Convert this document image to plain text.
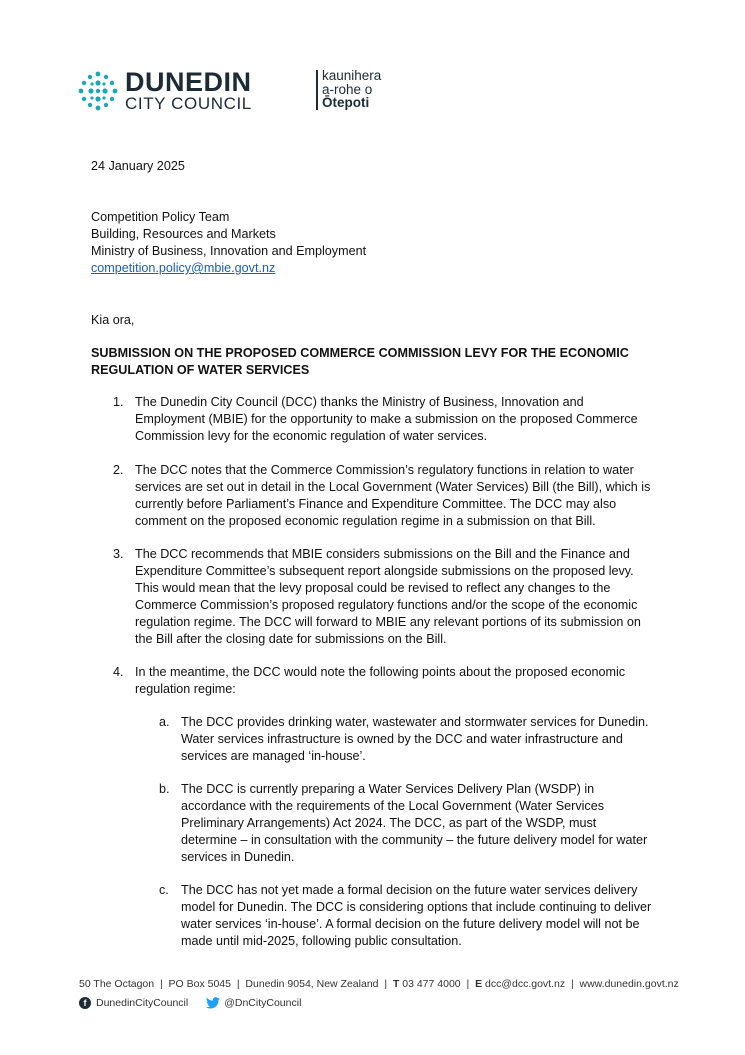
DUNEDIN
CITY COUNCIL
kaunihera
a-rohe o
Ōtepoti
24 January 2025
Competition Policy Team
Building, Resources and Markets
Ministry of Business, Innovation and Employment
competition.policy@mbie.govt.nz
Kia ora,
SUBMISSION ON THE PROPOSED COMMERCE COMMISSION LEVY FOR THE ECONOMIC REGULATION OF WATER SERVICES
1. The Dunedin City Council (DCC) thanks the Ministry of Business, Innovation and Employment (MBIE) for the opportunity to make a submission on the proposed Commerce Commission levy for the economic regulation of water services.
2. The DCC notes that the Commerce Commission’s regulatory functions in relation to water services are set out in detail in the Local Government (Water Services) Bill (the Bill), which is currently before Parliament’s Finance and Expenditure Committee. The DCC may also comment on the proposed economic regulation regime in a submission on that Bill.
3. The DCC recommends that MBIE considers submissions on the Bill and the Finance and Expenditure Committee’s subsequent report alongside submissions on the proposed levy. This would mean that the levy proposal could be revised to reflect any changes to the Commerce Commission’s proposed regulatory functions and/or the scope of the economic regulation regime. The DCC will forward to MBIE any relevant portions of its submission on the Bill after the closing date for submissions on the Bill.
4. In the meantime, the DCC would note the following points about the proposed economic regulation regime:
a. The DCC provides drinking water, wastewater and stormwater services for Dunedin. Water services infrastructure is owned by the DCC and water infrastructure and services are managed ‘in-house’.
b. The DCC is currently preparing a Water Services Delivery Plan (WSDP) in accordance with the requirements of the Local Government (Water Services Preliminary Arrangements) Act 2024. The DCC, as part of the WSDP, must determine – in consultation with the community – the future delivery model for water services in Dunedin.
c. The DCC has not yet made a formal decision on the future water services delivery model for Dunedin. The DCC is considering options that include continuing to deliver water services ‘in-house’. A formal decision on the future delivery model will not be made until mid-2025, following public consultation.
50 The Octagon  |  PO Box 5045  |  Dunedin 9054, New Zealand  |  T 03 477 4000  |  E dcc@dcc.govt.nz  |  www.dunedin.govt.nz
f DunedinCityCouncil	@DnCityCouncil
